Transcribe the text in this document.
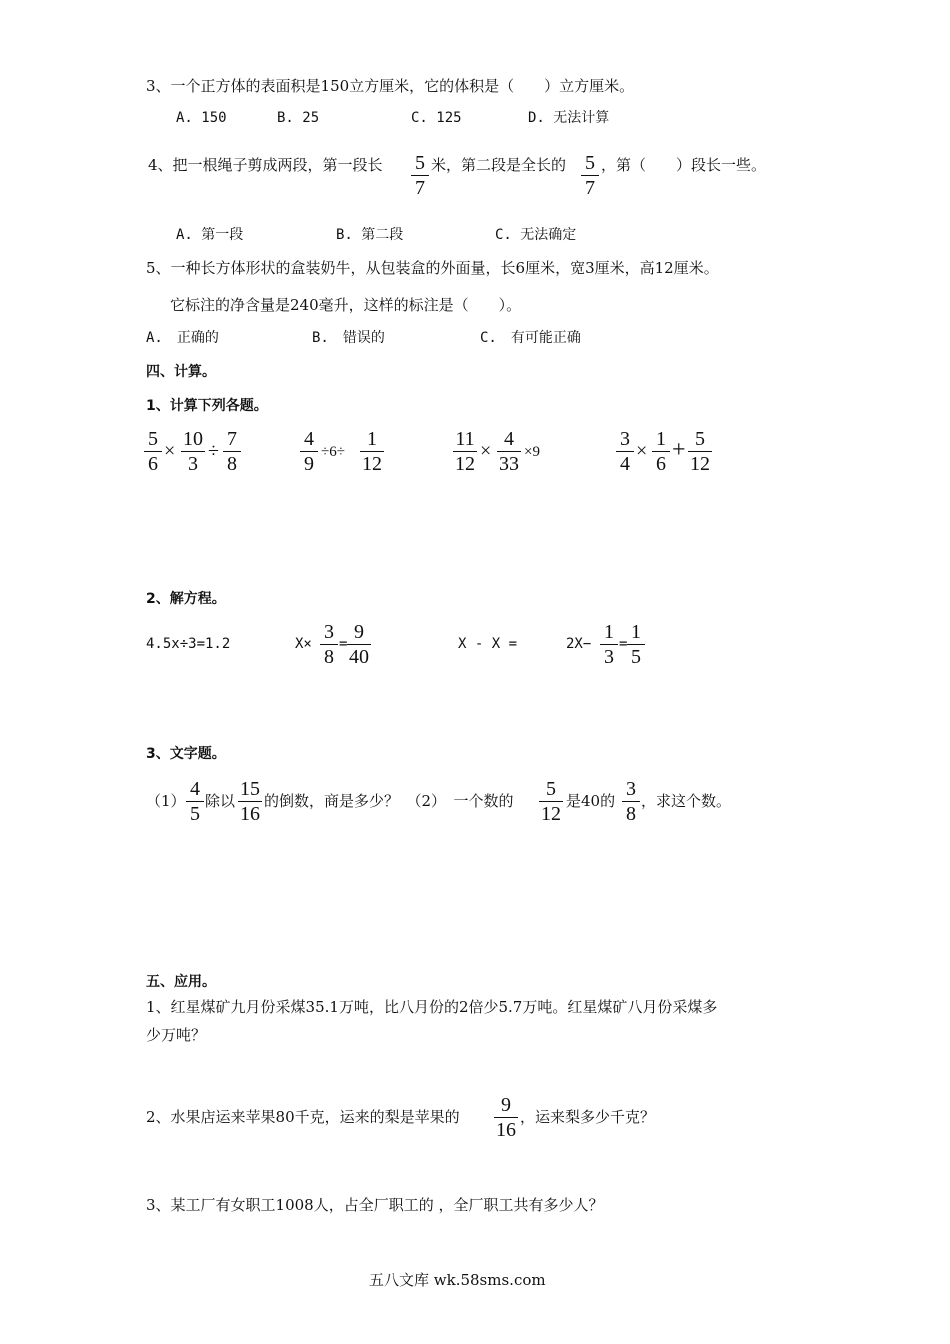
3、一个正方体的表面积是150立方厘米，它的体积是（　　）立方厘米。
A. 150	B. 25	C. 125	D. 无法计算
4、把一根绳子剪成两段，第一段长 5
7
米，第二段是全长的 5
7
，第（　　）段长一些。
A. 第一段	B. 第二段	C. 无法确定
5、一种长方体形状的盒装奶牛，从包装盒的外面量，长6厘米，宽3厘米，高12厘米。
它标注的净含量是240毫升，这样的标注是（　　）。
A.　正确的	B.　错误的	C.　有可能正确
四、计算。
1、计算下列各题。
5
6
×
10
3
÷
7
8
4
9
÷6÷
1
12
11
12
×
4
33
×9
3
4
×
1
6
+ 5
12
2、解方程。
4.5x÷3=1.2	X×
3
8
=
9
40
X - X =	2X−
1
3
=
1
5
3、文字题。
（1）
4
5
除以
15
16
的倒数，商是多少？　（2）　一个数的
5
12
是40的
3
8
，求这个数。
五、应用。
1、红星煤矿九月份采煤35.1万吨，比八月份的2倍少5.7万吨。红星煤矿八月份采煤多
少万吨？
2、水果店运来苹果80千克，运来的梨是苹果的
9
16
，运来梨多少千克？
3、某工厂有女职工1008人，占全厂职工的 ，全厂职工共有多少人？
五八文库 wk.58sms.com
